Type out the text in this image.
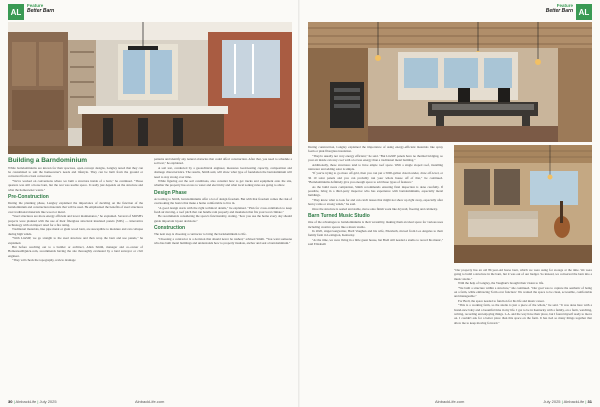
AL
Feature
Better Barn
Building a Barndominium

While barndominiums are known for their spacious, open-concept designs, Langley noted that they can be customized to suit the homeowner's needs and lifestyle. They can be built from the ground or converted from a barn conversion.

"We've worked on conversions where we built a structure inside of a barn," he continued. "Those quarters was still a horse barn, but the rest was usable space. It really just depends on the structure and what the homeowner wants."

Pre-Construction

During the planning phase, Langley explained the importance of deciding on the function of the barndominium and construction materials that will be used. He emphasized the benefits of steel structures over traditional materials like wood or metal.

"Steel structures are more energy efficient and lower maintenance," he explained. Several of MOSH's projects were planned with the use of their fiberglass structural insulated panels (SIPs) — innovative technology with an impact rated for a fire rating.

Traditional materials, like pipe metal or giant wood barn, are susceptible to moisture and can collapse during high winds.

"With LiteSIP, we go straight to the steel structure and then wrap the barn and use panels," he explained.

But before reaching out to a builder or architect, Allen Smith, manager and co-owner of HomesteadIQuick.com, recommends having the site thoroughly evaluated by a land surveyor or civil engineer.

"They will check the topography, review drainage

patterns and identify any natural obstacles that could affect construction. After that, you need to schedule a soil test," he explained.

A soil test, conducted by a geotechnical engineer, measures load-bearing capacity, composition and drainage characteristics. The results, Smith said, will show what type of foundation the barndominium will need to stay strong over time.

While figuring out the soil conditions, also consider how to get trucks and equipment onto the site, whether the property has access to water and electricity and what local zoning rules are going to allow.

Design Phase

According to Smith, barndominiums offer a lot of design freedom. But with that freedom comes the risk of overlooking the basics that make a home comfortable to live in.

"A good design starts with the right technical details," he explained. "Plan for cross-ventilation to keep fresh air moving, a roof pitch that can handle rain properly and insulation that fits your local climate."

He recommends considering the space's functionality, stating, "how you use the home every day should guide important layout decisions."

Construction

The next step is choosing a contractor to bring the barndominium to life.

"Choosing a contractor is a decision that should never be rushed," advised Smith. "You want someone who has built metal buildings and understands how to properly insulate, anchor and seal a barndominium."

30 | AlnbackLife | July 2025	AlnbackLife.com
Feature
Better Barn AL

During construction, Langley explained the importance of using energy-efficient materials like spray foam or pink fiberglass insulation.

"They're usually not very energy efficient," he said. "But LiteSIP panels have no thermal bridging, so your air inside can stay cool with a lot less energy than a traditional metal building."

Additionally, these structures tend to have ample roof space. With a single sloped roof, installing rainwater and adding solar is simple.

"If you're trying to go more off-grid, then you can put a 5000-gallon cistern under, draw off-level, or 36 10 solar panels and you can probably run your whole house off of that," he continued. "Barndominiums definitely give you enough space to add those types of features."

As the build nears completion, Smith recommends ensuring final inspection is done carefully. If possible, bring in a third-party inspector who has experience with barndominiums, especially metal buildings.

"They know what to look for and can catch issues that might not show up right away, especially after heavy rains or strong winds," he said.

Once the structure is sealed and stable, move onto finish work like drywall, flooring and cabinetry.

Barn Turned Music Studio

One of the advantages to barndominiums is their versatility, making them an ideal space for various uses including creative spaces like a music studio.

In 2020, singer/songwriter, Brell Vaughan and his wife, Elizabeth, moved from Los Angeles to their family farm in Lexington, Kentucky.

"At the time, we were living in a little guest house, but Brell still needed a studio to record his music," said Elizabeth

"Our property has an old 80-year-old horse barn, which we were using for storage at the time. We were going to build a structure in the barn, but it was out of our budget. So instead, we converted the barn into a music studio."

With the help of Langley, the Vaughan's brought their vision to life.

"We built a structure within a structure," she continued. "Our goal was to capture the aesthetic of being on a farm, while embracing 'form over function.' We wanted the space to be clean, accessible, comfortable and manageable."

For Brell, the space needed to function for his life and music career.

"This is a working farm, so the studio is just a piece of the whole," he said. "It was done here with a brand-new baby and a beautiful time in my life. I got to be in Kentucky with a family, on a farm, watching, writing, recording and enjoying things. L.A. and the way have their place, but I found myself ready to move on. I couldn't ask for a better place than this space on the farm. It has tied so many things together that allow me to keep moving forward."

AlnbackLife.com	July 2025 | AlnbackLife | 31
